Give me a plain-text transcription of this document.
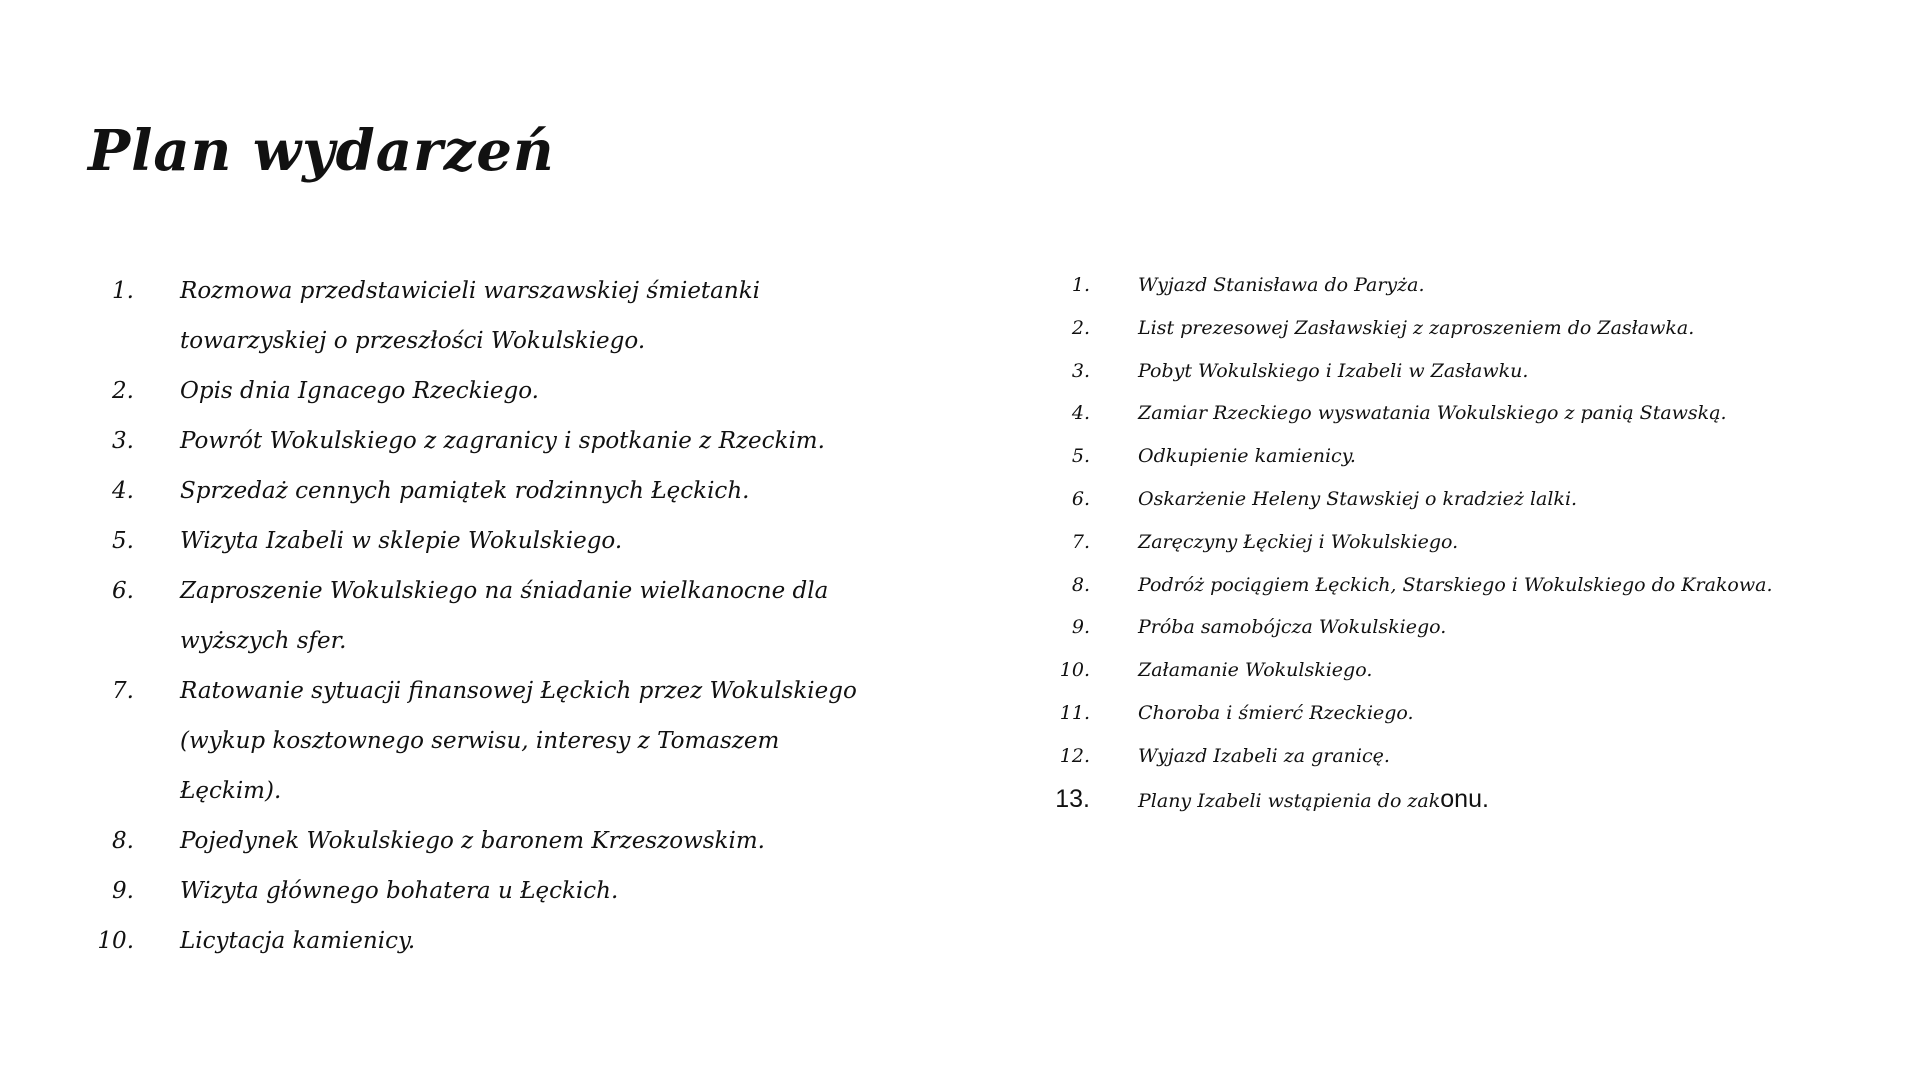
Plan wydarzeń
1. Rozmowa przedstawicieli warszawskiej śmietanki towarzyskiej o przeszłości Wokulskiego.
2. Opis dnia Ignacego Rzeckiego.
3. Powrót Wokulskiego z zagranicy i spotkanie z Rzeckim.
4. Sprzedaż cennych pamiątek rodzinnych Łęckich.
5. Wizyta Izabeli w sklepie Wokulskiego.
6. Zaproszenie Wokulskiego na śniadanie wielkanocne dla wyższych sfer.
7. Ratowanie sytuacji finansowej Łęckich przez Wokulskiego (wykup kosztownego serwisu, interesy z Tomaszem Łęckim).
8. Pojedynek Wokulskiego z baronem Krzeszowskim.
9. Wizyta głównego bohatera u Łęckich.
10. Licytacja kamienicy.
1.	Wyjazd Stanisława do Paryża.
2.	List prezesowej Zasławskiej z zaproszeniem do Zasławka.
3.	Pobyt Wokulskiego i Izabeli w Zasławku.
4.	Zamiar Rzeckiego wyswatania Wokulskiego z panią Stawską.
5.	Odkupienie kamienicy.
6.	Oskarżenie Heleny Stawskiej o kradzież lalki.
7.	Zaręczyny Łęckiej i Wokulskiego.
8.	Podróż pociągiem Łęckich, Starskiego i Wokulskiego do Krakowa.
9.	Próba samobójcza Wokulskiego.
10.	Załamanie Wokulskiego.
11.	Choroba i śmierć Rzeckiego.
12.	Wyjazd Izabeli za granicę.
13.	Plany Izabeli wstąpienia do zakonu.
